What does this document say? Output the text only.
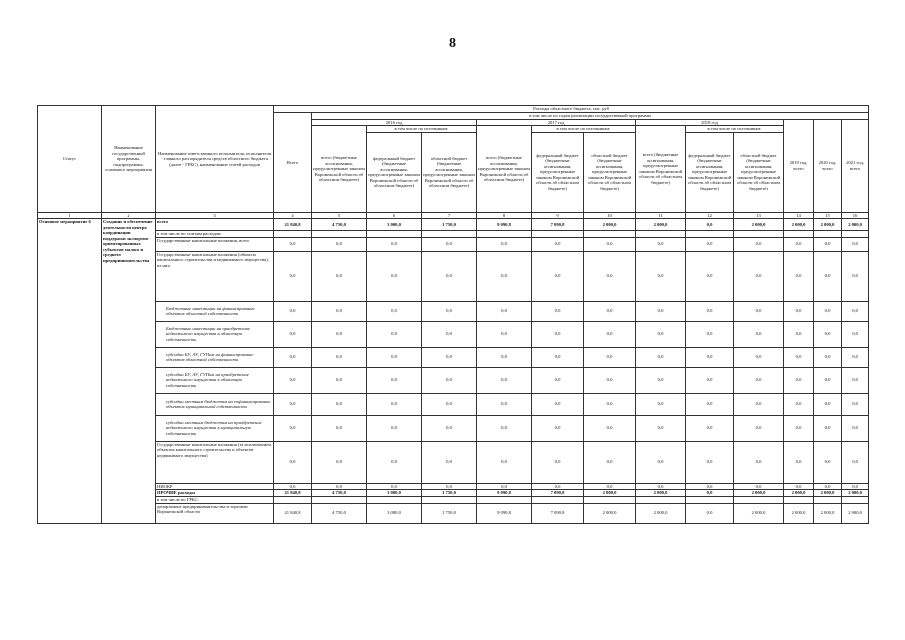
8
Статус	Наименование государственной программы, подпрограммы, основного мероприятия	Наименование ответственного исполнителя, исполнителя - главного распорядителя средств областного бюджета (далее - ГРБС), наименование статей расходов	Расходы областного бюджета, тыс. руб												
			Всего	в том числе по годам реализации государственной программы											
				2016 год			2017 год			2018 год			2019 год, всего	2020 год, всего	2021 год, всего
				всего (бюджетные ассигнования, предусмотренные законом Воронежской области об областном бюджете)	в том числе по источникам:		всего (бюджетные ассигнования, предусмотренные законом Воронежской области об областном бюджете)	в том числе по источникам:		всего (бюджетные ассигнования, предусмотренные законом Воронежской области об областном бюджете)	в том числе по источникам:				
					федеральный бюджет (бюджетные ассигнования, предусмотренные законом Воронежской области об областном бюджете)	областной бюджет (бюджетные ассигнования, предусмотренные законом Воронежской области об областном бюджете)		федеральный бюджет (бюджетные ассигнования, предусмотренные законом Воронежской области об областном бюджете)	областной бюджет (бюджетные ассигнования, предусмотренные законом Воронежской области об областном бюджете)		федеральный бюджет (бюджетные ассигнования, предусмотренные законом Воронежской области об областном бюджете)	областной бюджет (бюджетные ассигнования, предусмотренные законом Воронежской области об областном бюджете)			
1	2	3	4	5	6	7	8	9	10	11	12	13	14	15	16
Основное мероприятие 6	Создание и обеспечение деятельности центра координации поддержки экспортно-ориентированных субъектов малого и среднего предпринимательства	всего	21 840,8	4 750,0	3 000,0	1 750,0	9 090,8	7 090,8	2 000,0	2 000,0	0,0	2 000,0	2 000,0	2 000,0	2 000,0
		в том числе по статьям расходов:													
		Государственные капитальные вложения, всего	0,0	0,0	0,0	0,0	0,0	0,0	0,0	0,0	0,0	0,0	0,0	0,0	0,0
		Государственные капитальные вложения (объекты капитального строительства и недвижимого имущества), из них:	0,0	0,0	0,0	0,0	0,0	0,0	0,0	0,0	0,0	0,0	0,0	0,0	0,0
		Бюджетные инвестиции на финансирование объектов областной собственности	0,0	0,0	0,0	0,0	0,0	0,0	0,0	0,0	0,0	0,0	0,0	0,0	0,0
		Бюджетные инвестиции на приобретение недвижимого имущества в областную собственность	0,0	0,0	0,0	0,0	0,0	0,0	0,0	0,0	0,0	0,0	0,0	0,0	0,0
		субсидии БУ, АУ, ГУПам на финансирование объектов областной собственности	0,0	0,0	0,0	0,0	0,0	0,0	0,0	0,0	0,0	0,0	0,0	0,0	0,0
		субсидии БУ, АУ, ГУПам на приобретение недвижимого имущества в областную собственность	0,0	0,0	0,0	0,0	0,0	0,0	0,0	0,0	0,0	0,0	0,0	0,0	0,0
		субсидии местным бюджетам на софинансирование объектов муниципальной собственности	0,0	0,0	0,0	0,0	0,0	0,0	0,0	0,0	0,0	0,0	0,0	0,0	0,0
		субсидии местным бюджетам на приобретение недвижимого имущества в муниципальную собственность	0,0	0,0	0,0	0,0	0,0	0,0	0,0	0,0	0,0	0,0	0,0	0,0	0,0
		Государственные капитальные вложения (за исключением объектов капитального строительства и объектов недвижимого имущества)	0,0	0,0	0,0	0,0	0,0	0,0	0,0	0,0	0,0	0,0	0,0	0,0	0,0
		НИОКР	0,0	0,0	0,0	0,0	0,0	0,0	0,0	0,0	0,0	0,0	0,0	0,0	0,0
		ПРОЧИЕ расходы	21 840,8	4 750,0	3 000,0	1 750,0	9 090,8	7 090,8	2 000,0	2 000,0	0,0	2 000,0	2 000,0	2 000,0	2 000,0
		в том числе по ГРБС:													
		департамент предпринимательства и торговли Воронежской области	21 840,8	4 750,0	3 000,0	1 750,0	9 090,8	7 090,8	2 000,0	2 000,0	0,0	2 000,0	2 000,0	2 000,0	2 000,0
